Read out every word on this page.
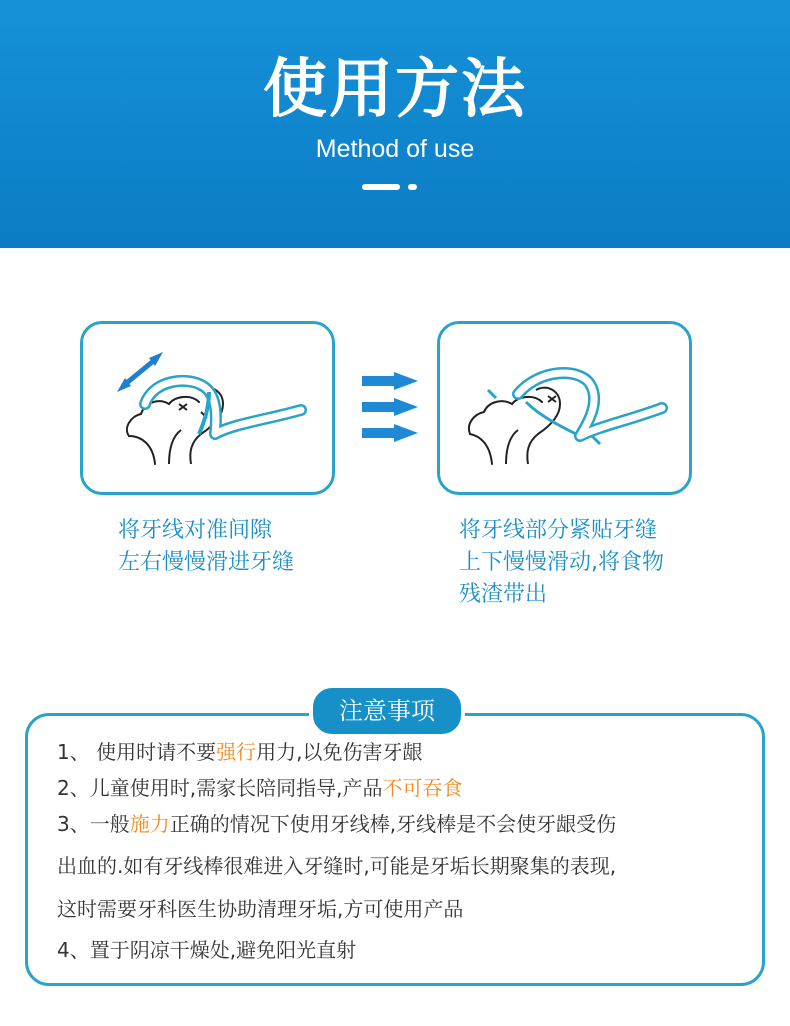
使用方法
Method of use
将牙线对准间隙
左右慢慢滑进牙缝
将牙线部分紧贴牙缝
上下慢慢滑动,将食物
残渣带出
注意事项
1、 使用时请不要强行用力,以免伤害牙龈
2、儿童使用时,需家长陪同指导,产品不可吞食
3、一般施力正确的情况下使用牙线棒,牙线棒是不会使牙龈受伤
出血的.如有牙线棒很难进入牙缝时,可能是牙垢长期聚集的表现,
这时需要牙科医生协助清理牙垢,方可使用产品
4、置于阴凉干燥处,避免阳光直射
